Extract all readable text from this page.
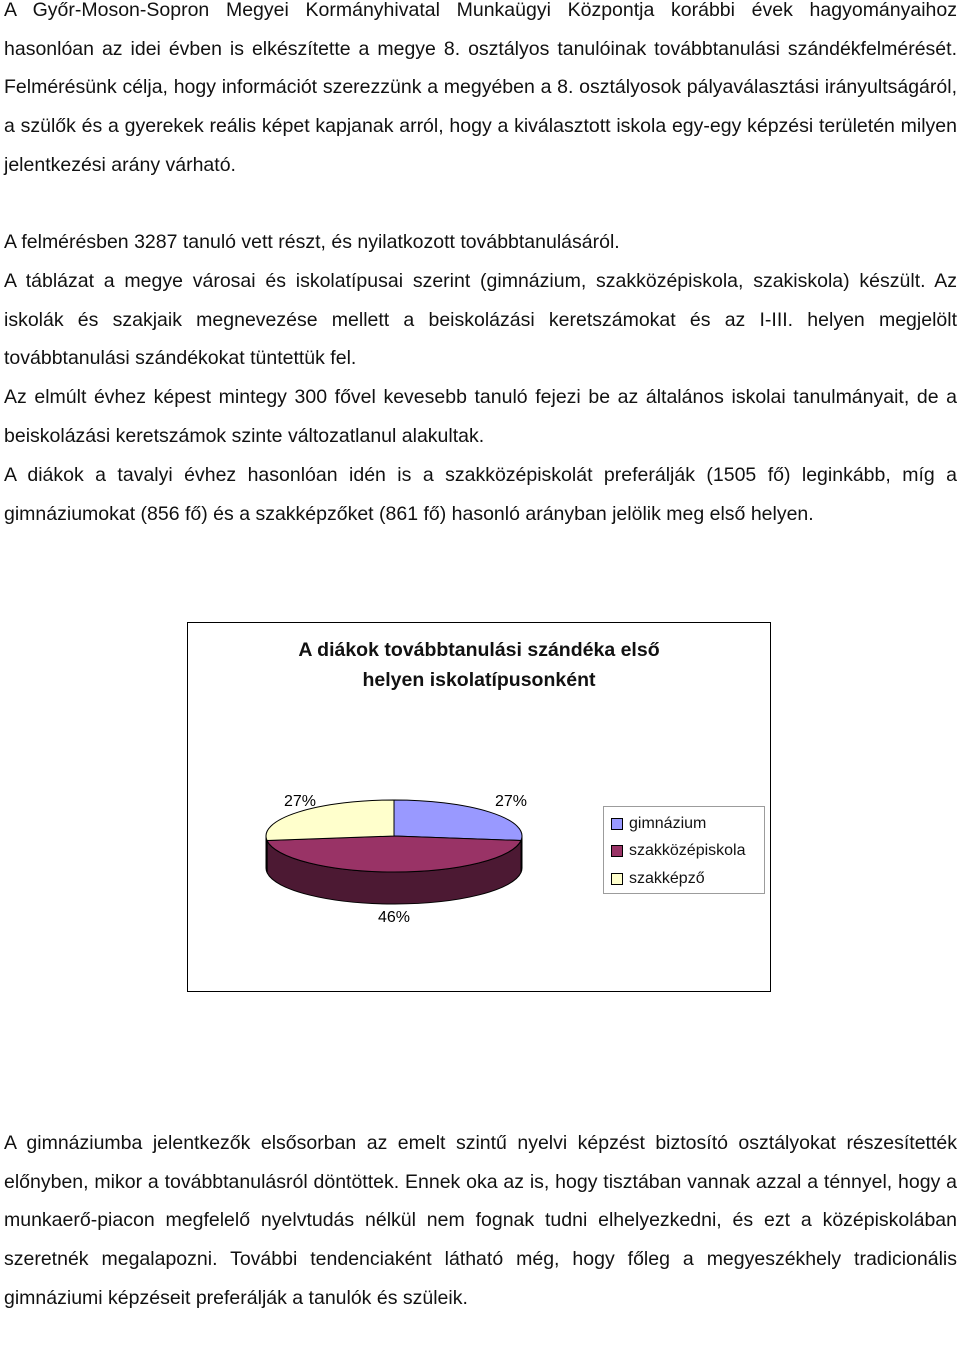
A Győr-Moson-Sopron Megyei Kormányhivatal Munkaügyi Központja korábbi évek hagyományaihoz hasonlóan az idei évben is elkészítette a megye 8. osztályos tanulóinak továbbtanulási szándékfelmérését. Felmérésünk célja, hogy információt szerezzünk a megyében a 8. osztályosok pályaválasztási irányultságáról, a szülők és a gyerekek reális képet kapjanak arról, hogy a kiválasztott iskola egy-egy képzési területén milyen jelentkezési arány várható.

A felmérésben 3287 tanuló vett részt, és nyilatkozott továbbtanulásáról.

A táblázat a megye városai és iskolatípusai szerint (gimnázium, szakközépiskola, szakiskola) készült. Az iskolák és szakjaik megnevezése mellett a beiskolázási keretszámokat és az I-III. helyen megjelölt továbbtanulási szándékokat tüntettük fel.

Az elmúlt évhez képest mintegy 300 fővel kevesebb tanuló fejezi be az általános iskolai tanulmányait, de a beiskolázási keretszámok szinte változatlanul alakultak.

A diákok a tavalyi évhez hasonlóan idén is a szakközépiskolát preferálják (1505 fő) leginkább, míg a gimnáziumokat (856 fő) és a szakképzőket (861 fő) hasonló arányban jelölik meg első helyen.

A diákok továbbtanulási szándéka első
helyen iskolatípusonként
27%
27%
46%
gimnázium
szakközépiskola
szakképző

A gimnáziumba jelentkezők elsősorban az emelt szintű nyelvi képzést biztosító osztályokat részesítették előnyben, mikor a továbbtanulásról döntöttek. Ennek oka az is, hogy tisztában vannak azzal a ténnyel, hogy a munkaerő-piacon megfelelő nyelvtudás nélkül nem fognak tudni elhelyezkedni, és ezt a középiskolában szeretnék megalapozni. További tendenciaként látható még, hogy főleg a megyeszékhely tradicionális gimnáziumi képzéseit preferálják a tanulók és szüleik.
